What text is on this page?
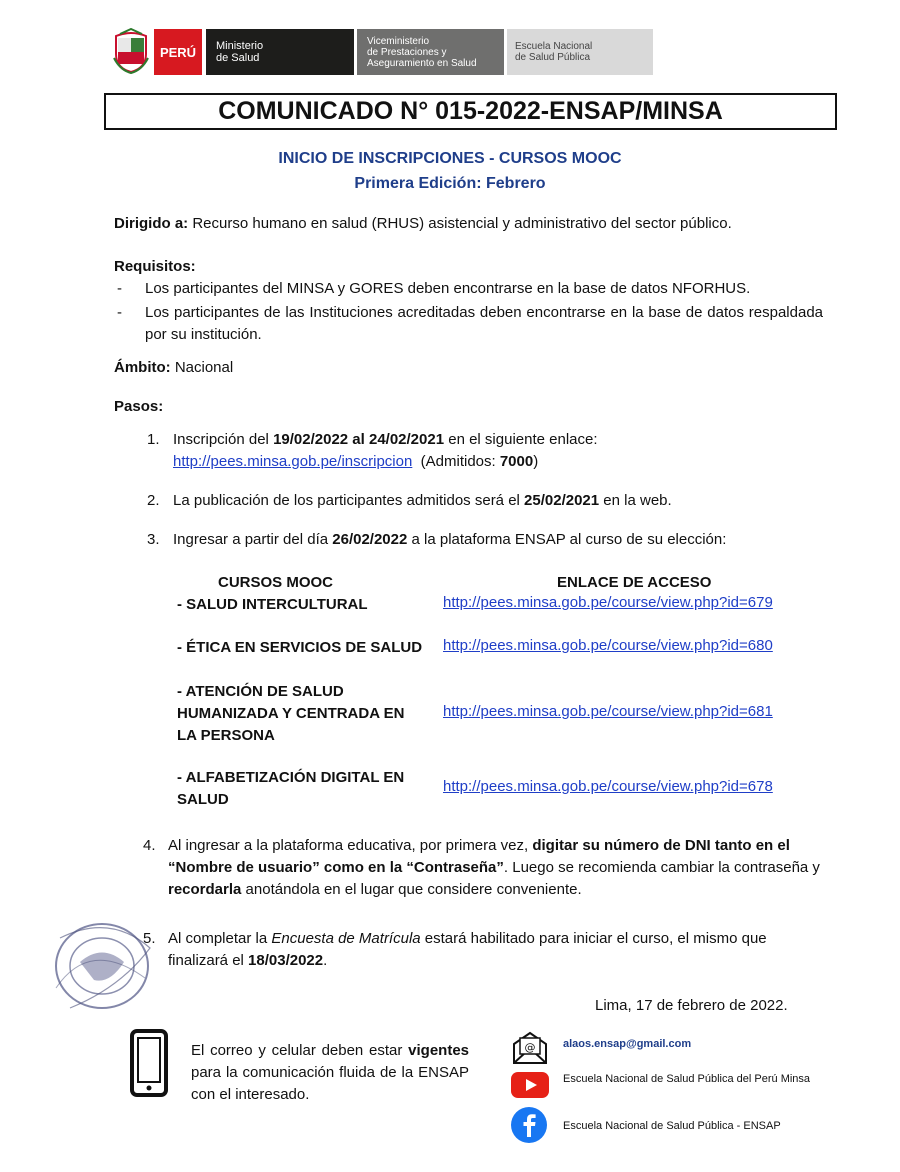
PERÚ	Ministerio
de Salud
Viceministerio
de Prestaciones y
Aseguramiento en Salud
Escuela Nacional
de Salud Pública
COMUNICADO N° 015-2022-ENSAP/MINSA
INICIO DE INSCRIPCIONES - CURSOS MOOC
Primera Edición: Febrero
Dirigido a: Recurso humano en salud (RHUS) asistencial y administrativo del sector público.
Requisitos:
- Los participantes del MINSA y GORES deben encontrarse en la base de datos NFORHUS.
- Los participantes de las Instituciones acreditadas deben encontrarse en la base de datos respaldada por su institución.
Ámbito: Nacional
Pasos:
1. Inscripción del 19/02/2022 al 24/02/2021 en el siguiente enlace:
http://pees.minsa.gob.pe/inscripcion  (Admitidos: 7000)
2. La publicación de los participantes admitidos será el 25/02/2021 en la web.
3. Ingresar a partir del día 26/02/2022 a la plataforma ENSAP al curso de su elección:
CURSOS MOOC	ENLACE DE ACCESO
- SALUD INTERCULTURAL	http://pees.minsa.gob.pe/course/view.php?id=679
- ÉTICA EN SERVICIOS DE SALUD http://pees.minsa.gob.pe/course/view.php?id=680
- ATENCIÓN DE SALUD
HUMANIZADA Y CENTRADA EN
LA PERSONA
http://pees.minsa.gob.pe/course/view.php?id=681
- ALFABETIZACIÓN DIGITAL EN
SALUD
http://pees.minsa.gob.pe/course/view.php?id=678
4. Al ingresar a la plataforma educativa, por primera vez, digitar su número de DNI tanto en el “Nombre de usuario” como en la “Contraseña”. Luego se recomienda cambiar la contraseña y recordarla anotándola en el lugar que considere conveniente.
5. Al completar la Encuesta de Matrícula estará habilitado para iniciar el curso, el mismo que finalizará el 18/03/2022.
Lima, 17 de febrero de 2022.
El correo y celular deben estar vigentes para la comunicación fluida de la ENSAP con el interesado.
@	alaos.ensap@gmail.com
Escuela Nacional de Salud Pública del Perú Minsa
Escuela Nacional de Salud Pública - ENSAP
